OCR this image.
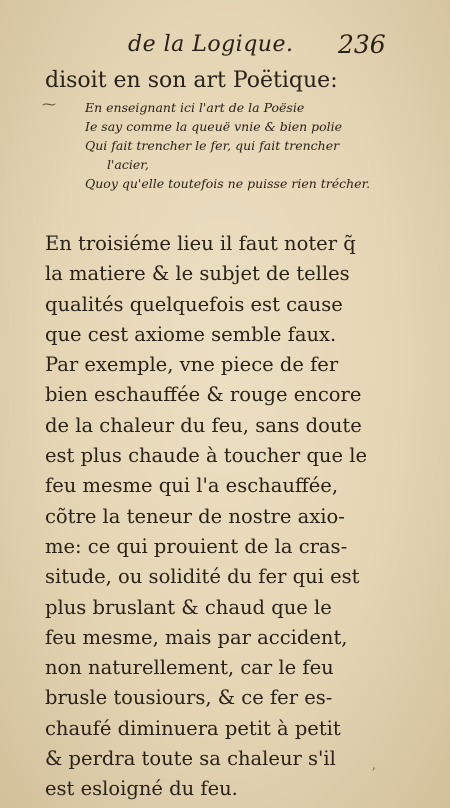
de la Logique. 236
⁓
disoit en son art Poëtique:
En enseignant ici l'art de la Poësie
Ie say comme la queuë vnie & bien polie
Qui fait trencher le fer, qui fait trencher
l'acier,
Quoy qu'elle toutefois ne puisse rien trécher.
En troisiéme lieu il faut noter q̃
la matiere & le subjet de telles
qualités quelquefois est cause
que cest axiome semble faux.
Par exemple, vne piece de fer
bien eschauffée & rouge encore
de la chaleur du feu, sans doute
est plus chaude à toucher que le
feu mesme qui l'a eschauffée,
cõtre la teneur de nostre axio-
me: ce qui prouient de la cras-
situde, ou solidité du fer qui est
plus bruslant & chaud que le
feu mesme, mais par accident,
non naturellement, car le feu
brusle tousiours, & ce fer es-
chaufé diminuera petit à petit
& perdra toute sa chaleur s'il
est esloigné du feu.
,
